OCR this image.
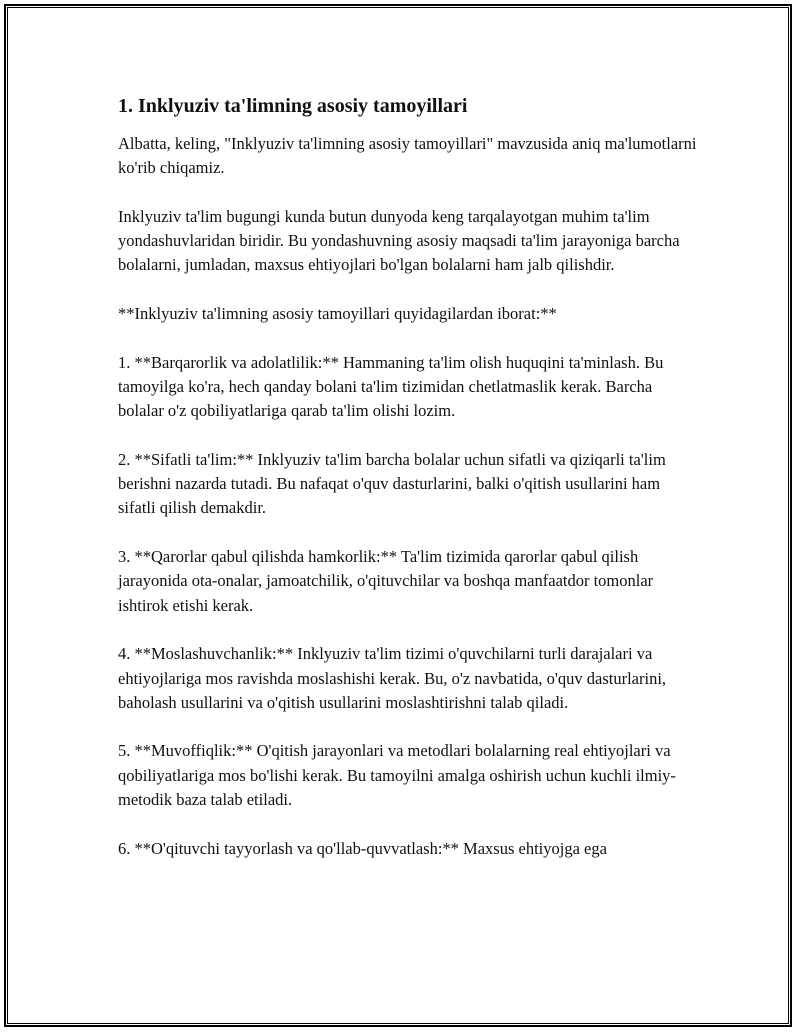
1. Inklyuziv ta'limning asosiy tamoyillari

Albatta, keling, "Inklyuziv ta'limning asosiy tamoyillari" mavzusida aniq ma'lumotlarni ko'rib chiqamiz.

Inklyuziv ta'lim bugungi kunda butun dunyoda keng tarqalayotgan muhim ta'lim yondashuvlaridan biridir. Bu yondashuvning asosiy maqsadi ta'lim jarayoniga barcha bolalarni, jumladan, maxsus ehtiyojlari bo'lgan bolalarni ham jalb qilishdir.

**Inklyuziv ta'limning asosiy tamoyillari quyidagilardan iborat:**

1. **Barqarorlik va adolatlilik:** Hammaning ta'lim olish huquqini ta'minlash. Bu tamoyilga ko'ra, hech qanday bolani ta'lim tizimidan chetlatmaslik kerak. Barcha bolalar o'z qobiliyatlariga qarab ta'lim olishi lozim.

2. **Sifatli ta'lim:** Inklyuziv ta'lim barcha bolalar uchun sifatli va qiziqarli ta'lim berishni nazarda tutadi. Bu nafaqat o'quv dasturlarini, balki o'qitish usullarini ham sifatli qilish demakdir.

3. **Qarorlar qabul qilishda hamkorlik:** Ta'lim tizimida qarorlar qabul qilish jarayonida ota-onalar, jamoatchilik, o'qituvchilar va boshqa manfaatdor tomonlar ishtirok etishi kerak.

4. **Moslashuvchanlik:** Inklyuziv ta'lim tizimi o'quvchilarni turli darajalari va ehtiyojlariga mos ravishda moslashishi kerak. Bu, o'z navbatida, o'quv dasturlarini, baholash usullarini va o'qitish usullarini moslashtirishni talab qiladi.

5. **Muvoffiqlik:** O'qitish jarayonlari va metodlari bolalarning real ehtiyojlari va qobiliyatlariga mos bo'lishi kerak. Bu tamoyilni amalga oshirish uchun kuchli ilmiy-metodik baza talab etiladi.

6. **O'qituvchi tayyorlash va qo'llab-quvvatlash:** Maxsus ehtiyojga ega
